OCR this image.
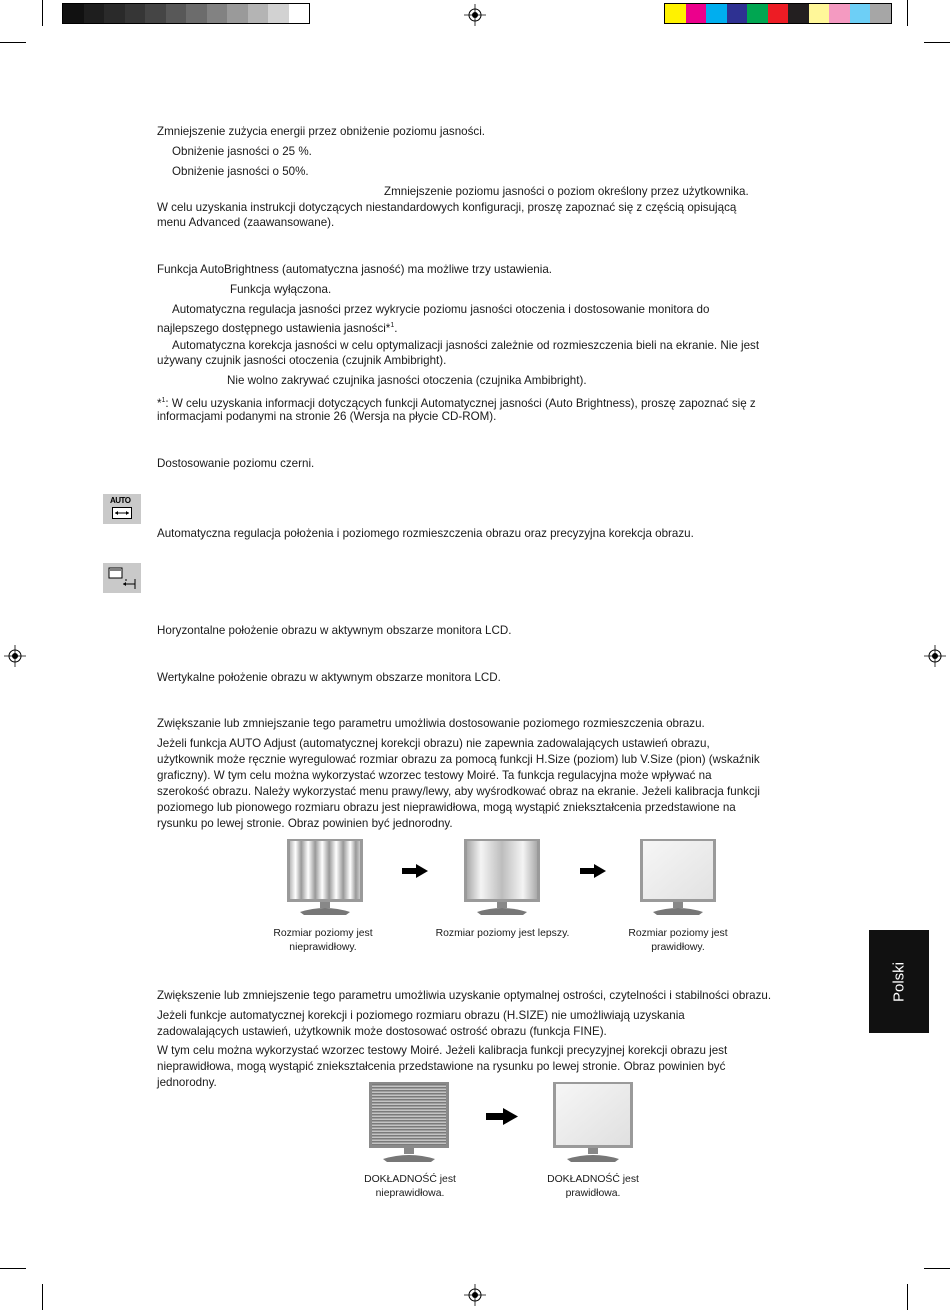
Zmniejszenie zużycia energii przez obniżenie poziomu jasności.
Obniżenie jasności o 25 %.
Obniżenie jasności o 50%.
Zmniejszenie poziomu jasności o poziom określony przez użytkownika.
W celu uzyskania instrukcji dotyczących niestandardowych konfiguracji, proszę zapoznać się z częścią opisującą
menu Advanced (zaawansowane).
Funkcja AutoBrightness (automatyczna jasność) ma możliwe trzy ustawienia.
Funkcja wyłączona.
Automatyczna regulacja jasności przez wykrycie poziomu jasności otoczenia i dostosowanie monitora do
najlepszego dostępnego ustawienia jasności*$^1$.
Automatyczna korekcja jasności w celu optymalizacji jasności zależnie od rozmieszczenia bieli na ekranie. Nie jest
używany czujnik jasności otoczenia (czujnik Ambibright).
Nie wolno zakrywać czujnika jasności otoczenia (czujnika Ambibright).
*$^1$: W celu uzyskania informacji dotyczących funkcji Automatycznej jasności (Auto Brightness), proszę zapoznać się z
informacjami podanymi na stronie 26 (Wersja na płycie CD-ROM).
Dostosowanie poziomu czerni.
AUTO
Automatyczna regulacja położenia i poziomego rozmieszczenia obrazu oraz precyzyjna korekcja obrazu.
Horyzontalne położenie obrazu w aktywnym obszarze monitora LCD.
Wertykalne położenie obrazu w aktywnym obszarze monitora LCD.
Zwiększanie lub zmniejszanie tego parametru umożliwia dostosowanie poziomego rozmieszczenia obrazu.
Jeżeli funkcja AUTO Adjust (automatycznej korekcji obrazu) nie zapewnia zadowalających ustawień obrazu,
użytkownik może ręcznie wyregulować rozmiar obrazu za pomocą funkcji H.Size (poziom) lub V.Size (pion) (wskaźnik
graficzny). W tym celu można wykorzystać wzorzec testowy Moiré. Ta funkcja regulacyjna może wpływać na
szerokość obrazu. Należy wykorzystać menu prawy/lewy, aby wyśrodkować obraz na ekranie. Jeżeli kalibracja funkcji
poziomego lub pionowego rozmiaru obrazu jest nieprawidłowa, mogą wystąpić zniekształcenia przedstawione na
rysunku po lewej stronie. Obraz powinien być jednorodny.
Rozmiar poziomy jest
nieprawidłowy.
Rozmiar poziomy jest lepszy.	Rozmiar poziomy jest
prawidłowy.
Zwiększenie lub zmniejszenie tego parametru umożliwia uzyskanie optymalnej ostrości, czytelności i stabilności obrazu.
Jeżeli funkcje automatycznej korekcji i poziomego rozmiaru obrazu (H.SIZE) nie umożliwiają uzyskania
zadowalających ustawień, użytkownik może dostosować ostrość obrazu (funkcja FINE).
W tym celu można wykorzystać wzorzec testowy Moiré. Jeżeli kalibracja funkcji precyzyjnej korekcji obrazu jest
nieprawidłowa, mogą wystąpić zniekształcenia przedstawione na rysunku po lewej stronie. Obraz powinien być
jednorodny.
DOKŁADNOŚĆ jest
nieprawidłowa.
DOKŁADNOŚĆ jest
prawidłowa.
Polski
